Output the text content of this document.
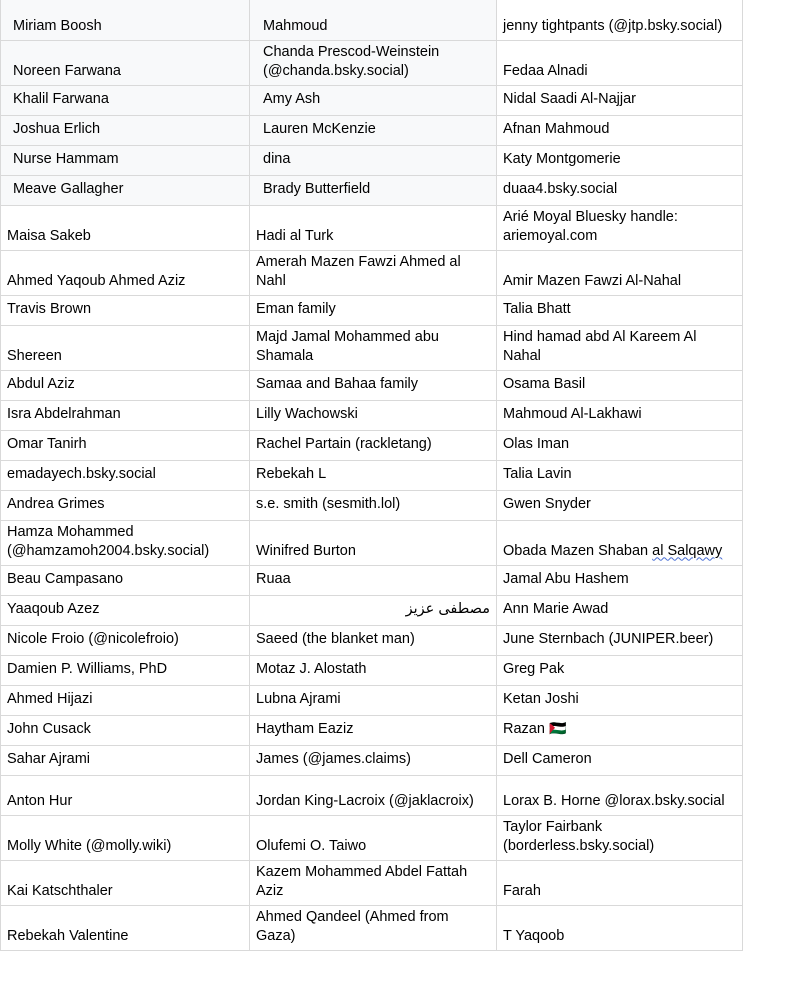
Miriam Boosh	Mahmoud	jenny tightpants (@jtp.bsky.social)
Noreen Farwana	Chanda Prescod-Weinstein (@chanda.bsky.social)	Fedaa Alnadi
Khalil Farwana	Amy Ash	Nidal Saadi Al-Najjar
Joshua Erlich	Lauren McKenzie	Afnan Mahmoud
Nurse Hammam	dina	Katy Montgomerie
Meave Gallagher	Brady Butterfield	duaa4.bsky.social
Maisa Sakeb	Hadi al Turk	Arié Moyal Bluesky handle: ariemoyal.com
Ahmed Yaqoub Ahmed Aziz	Amerah Mazen Fawzi Ahmed al Nahl	Amir Mazen Fawzi Al-Nahal
Travis Brown	Eman family	Talia Bhatt
Shereen	Majd Jamal Mohammed abu Shamala	Hind hamad abd Al Kareem Al Nahal
Abdul Aziz	Samaa and Bahaa family	Osama Basil
Isra Abdelrahman	Lilly Wachowski	Mahmoud Al-Lakhawi
Omar Tanirh	Rachel Partain (rackletang)	Olas Iman
emadayech.bsky.social	Rebekah L	Talia Lavin
Andrea Grimes	s.e. smith (sesmith.lol)	Gwen Snyder
Hamza Mohammed (@hamzamoh2004.bsky.social)	Winifred Burton	Obada Mazen Shaban al Salqawy
Beau Campasano	Ruaa	Jamal Abu Hashem
Yaaqoub Azez	مصطفى عزيز	Ann Marie Awad
Nicole Froio (@nicolefroio)	Saeed (the blanket man)	June Sternbach (JUNIPER.beer)
Damien P. Williams, PhD	Motaz J. Alostath	Greg Pak
Ahmed Hijazi	Lubna Ajrami	Ketan Joshi
John Cusack	Haytham Eaziz	Razan 🇵🇸
Sahar Ajrami	James (@james.claims)	Dell Cameron
Anton Hur	Jordan King-Lacroix (@jaklacroix)	Lorax B. Horne @lorax.bsky.social
Molly White (@molly.wiki)	Olufemi O. Taiwo	Taylor Fairbank (borderless.bsky.social)
Kai Katschthaler	Kazem Mohammed Abdel Fattah Aziz	Farah
Rebekah Valentine	Ahmed Qandeel (Ahmed from Gaza)	T Yaqoob
